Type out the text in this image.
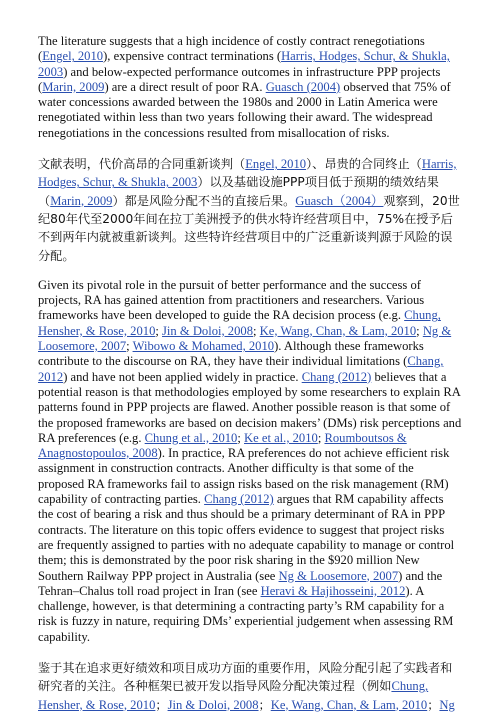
The literature suggests that a high incidence of costly contract renegotiations (Engel, 2010), expensive contract terminations (Harris, Hodges, Schur, & Shukla, 2003) and below-expected performance outcomes in infrastructure PPP projects (Marin, 2009) are a direct result of poor RA. Guasch (2004) observed that 75% of water concessions awarded between the 1980s and 2000 in Latin America were renegotiated within less than two years following their award. The widespread renegotiations in the concessions resulted from misallocation of risks.

文献表明，代价高昂的合同重新谈判（Engel, 2010）、昂贵的合同终止（Harris, Hodges, Schur, & Shukla, 2003）以及基础设施PPP项目低于预期的绩效结果（Marin, 2009）都是风险分配不当的直接后果。Guasch（2004）观察到，20世纪80年代至2000年间在拉丁美洲授予的供水特许经营项目中，75%在授予后不到两年内就被重新谈判。这些特许经营项目中的广泛重新谈判源于风险的误分配。

Given its pivotal role in the pursuit of better performance and the success of projects, RA has gained attention from practitioners and researchers. Various frameworks have been developed to guide the RA decision process (e.g. Chung, Hensher, & Rose, 2010; Jin & Doloi, 2008; Ke, Wang, Chan, & Lam, 2010; Ng & Loosemore, 2007; Wibowo & Mohamed, 2010). Although these frameworks contribute to the discourse on RA, they have their individual limitations (Chang, 2012) and have not been applied widely in practice. Chang (2012) believes that a potential reason is that methodologies employed by some researchers to explain RA patterns found in PPP projects are flawed. Another possible reason is that some of the proposed frameworks are based on decision makers’ (DMs) risk perceptions and RA preferences (e.g. Chung et al., 2010; Ke et al., 2010; Roumboutsos & Anagnostopoulos, 2008). In practice, RA preferences do not achieve efficient risk assignment in construction contracts. Another difficulty is that some of the proposed RA frameworks fail to assign risks based on the risk management (RM) capability of contracting parties. Chang (2012) argues that RM capability affects the cost of bearing a risk and thus should be a primary determinant of RA in PPP contracts. The literature on this topic offers evidence to suggest that project risks are frequently assigned to parties with no adequate capability to manage or control them; this is demonstrated by the poor risk sharing in the $920 million New Southern Railway PPP project in Australia (see Ng & Loosemore, 2007) and the Tehran–Chalus toll road project in Iran (see Heravi & Hajihosseini, 2012). A challenge, however, is that determining a contracting party’s RM capability for a risk is fuzzy in nature, requiring DMs’ experiential judgement when assessing RM capability.

鉴于其在追求更好绩效和项目成功方面的重要作用，风险分配引起了实践者和研究者的关注。各种框架已被开发以指导风险分配决策过程（例如Chung, Hensher, & Rose, 2010；Jin & Doloi, 2008；Ke, Wang, Chan, & Lam, 2010；Ng
